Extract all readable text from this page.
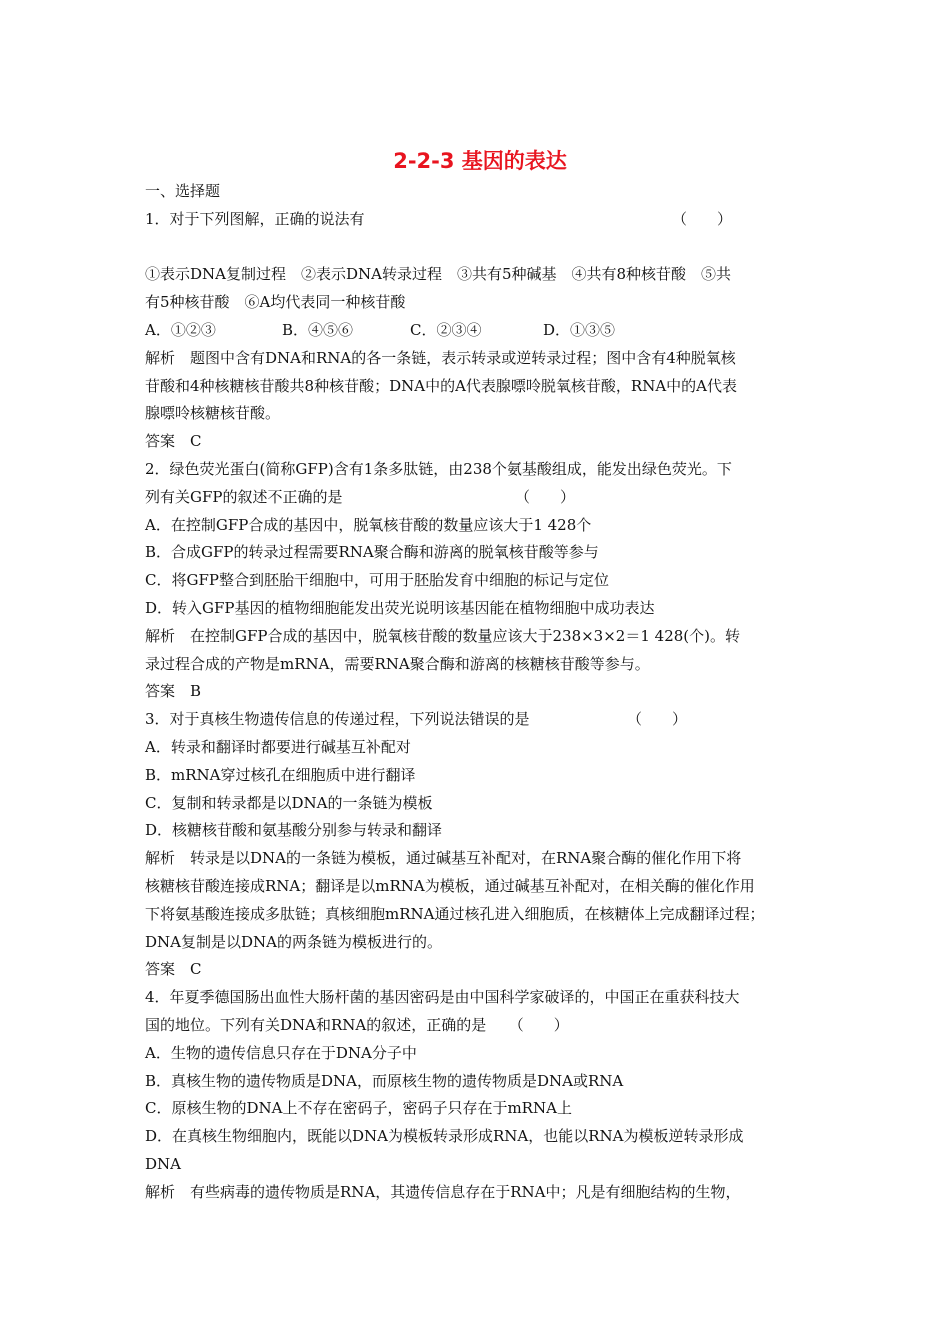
2-2-3 基因的表达
一、选择题
1．对于下列图解，正确的说法有　　　　　　　　　　　　　　　　　　　　　（　　）
①表示DNA复制过程　②表示DNA转录过程　③共有5种碱基　④共有8种核苷酸　⑤共
有5种核苷酸　⑥A均代表同一种核苷酸
A．①②③	B．④⑤⑥	C．②③④	D．①③⑤
解析　题图中含有DNA和RNA的各一条链，表示转录或逆转录过程；图中含有4种脱氧核
苷酸和4种核糖核苷酸共8种核苷酸；DNA中的A代表腺嘌呤脱氧核苷酸，RNA中的A代表
腺嘌呤核糖核苷酸。
答案　C
2．绿色荧光蛋白(简称GFP)含有1条多肽链，由238个氨基酸组成，能发出绿色荧光。下
列有关GFP的叙述不正确的是　　　　　　　　　　　　（　　）
A．在控制GFP合成的基因中，脱氧核苷酸的数量应该大于1 428个
B．合成GFP的转录过程需要RNA聚合酶和游离的脱氧核苷酸等参与
C．将GFP整合到胚胎干细胞中，可用于胚胎发育中细胞的标记与定位
D．转入GFP基因的植物细胞能发出荧光说明该基因能在植物细胞中成功表达
解析　在控制GFP合成的基因中，脱氧核苷酸的数量应该大于238×3×2＝1 428(个)。转
录过程合成的产物是mRNA，需要RNA聚合酶和游离的核糖核苷酸等参与。
答案　B
3．对于真核生物遗传信息的传递过程，下列说法错误的是　　　　　　　（　　）
A．转录和翻译时都要进行碱基互补配对
B．mRNA穿过核孔在细胞质中进行翻译
C．复制和转录都是以DNA的一条链为模板
D．核糖核苷酸和氨基酸分别参与转录和翻译
解析　转录是以DNA的一条链为模板，通过碱基互补配对，在RNA聚合酶的催化作用下将
核糖核苷酸连接成RNA；翻译是以mRNA为模板，通过碱基互补配对，在相关酶的催化作用
下将氨基酸连接成多肽链；真核细胞mRNA通过核孔进入细胞质，在核糖体上完成翻译过程；
DNA复制是以DNA的两条链为模板进行的。
答案　C
4．年夏季德国肠出血性大肠杆菌的基因密码是由中国科学家破译的，中国正在重获科技大
国的地位。下列有关DNA和RNA的叙述，正确的是　　（　　）
A．生物的遗传信息只存在于DNA分子中
B．真核生物的遗传物质是DNA，而原核生物的遗传物质是DNA或RNA
C．原核生物的DNA上不存在密码子，密码子只存在于mRNA上
D．在真核生物细胞内，既能以DNA为模板转录形成RNA，也能以RNA为模板逆转录形成
DNA
解析　有些病毒的遗传物质是RNA，其遗传信息存在于RNA中；凡是有细胞结构的生物，
